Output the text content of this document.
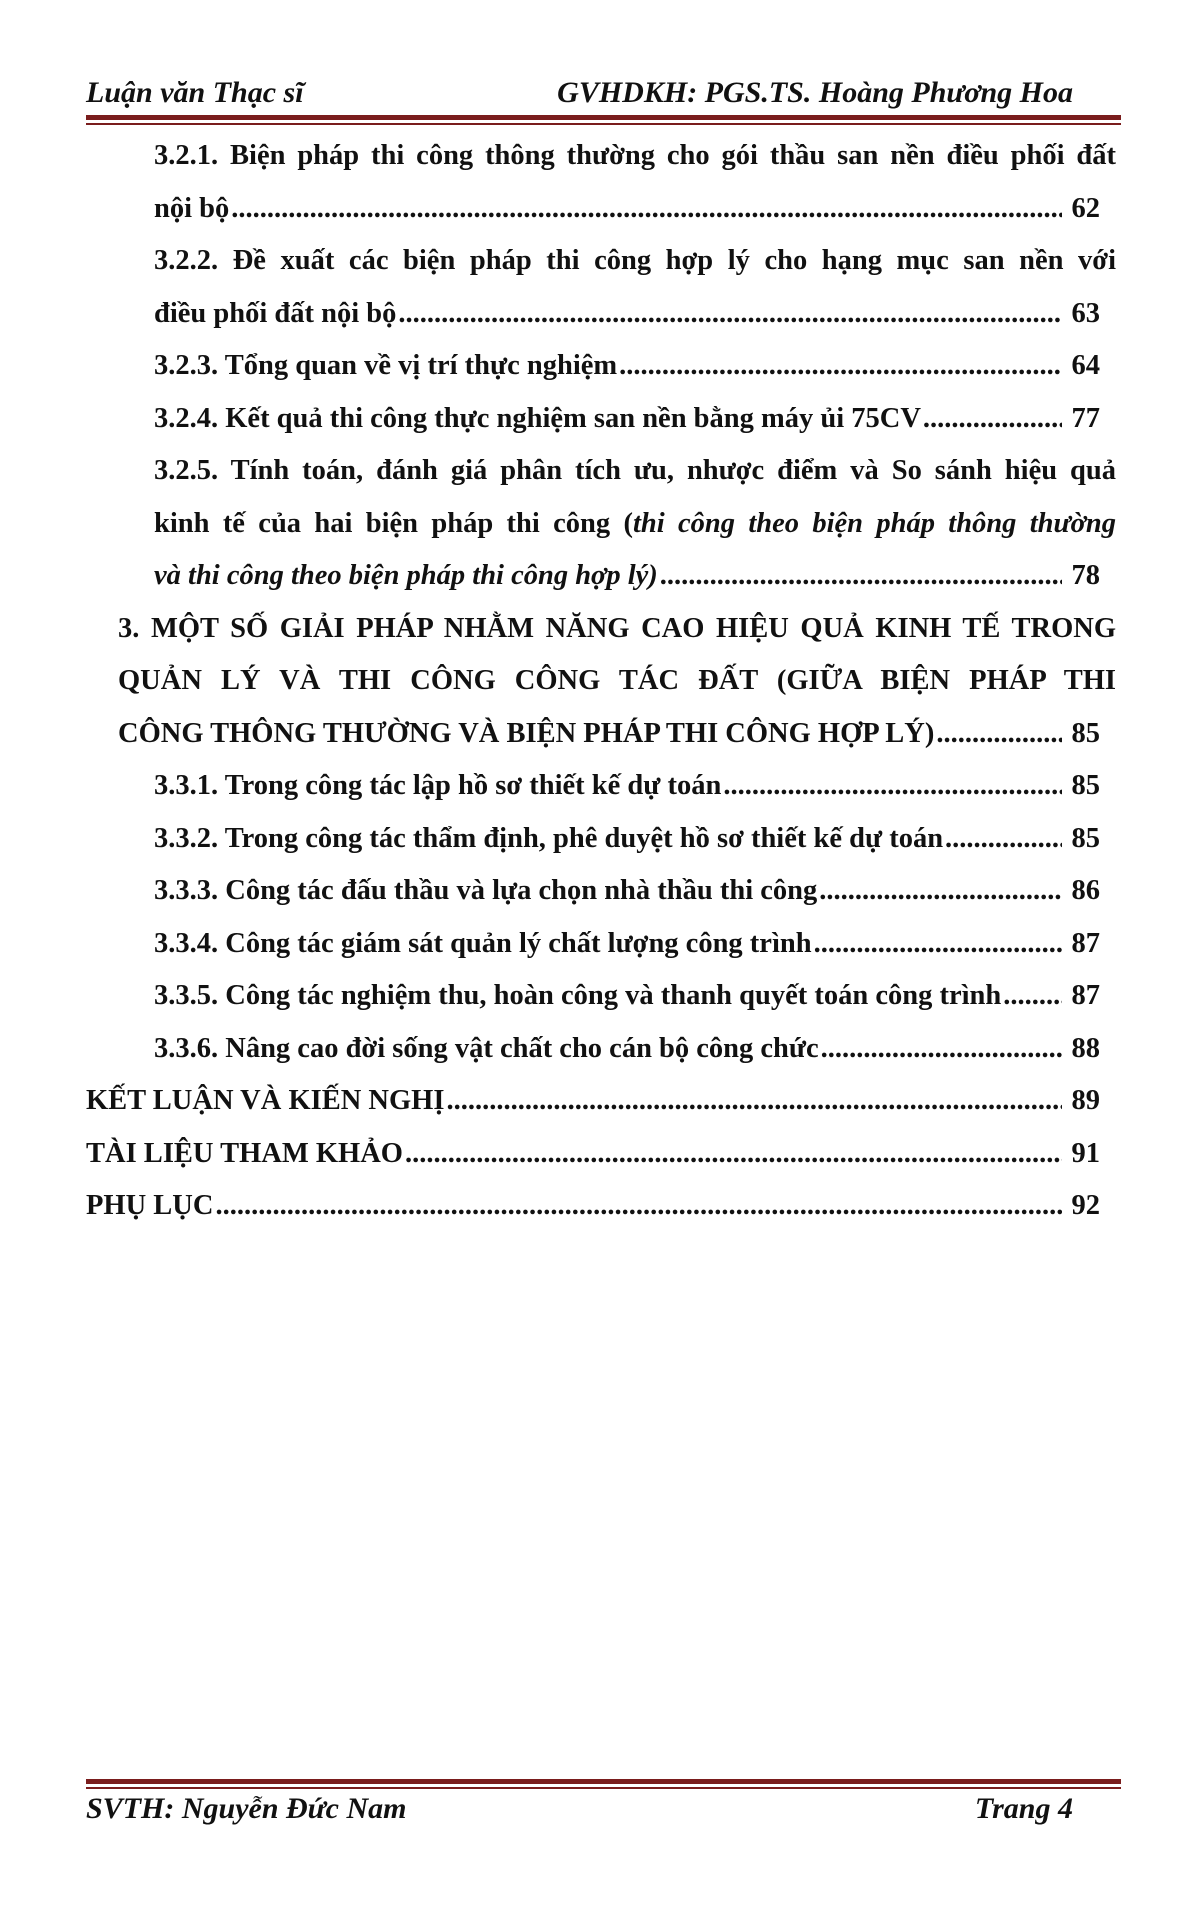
Luận văn Thạc sĩ	GVHDKH: PGS.TS. Hoàng Phương Hoa
3.2.1. Biện pháp thi công thông thường cho gói thầu san nền điều phối đất
nội bộ .....	62
3.2.2. Đề xuất các biện pháp thi công hợp lý cho hạng mục san nền với
điều phối đất nội bộ .....	63
3.2.3. Tổng quan về vị trí thực nghiệm .....	64
3.2.4. Kết quả thi công thực nghiệm san nền bằng máy ủi 75CV .....	77
3.2.5. Tính toán, đánh giá phân tích ưu, nhược điểm và So sánh hiệu quả
kinh tế của hai biện pháp thi công (thi công theo biện pháp thông thường
và thi công theo biện pháp thi công hợp lý) .....	78
3. MỘT SỐ GIẢI PHÁP NHẰM NĂNG CAO HIỆU QUẢ KINH TẾ TRONG
QUẢN LÝ VÀ THI CÔNG CÔNG TÁC ĐẤT (GIỮA BIỆN PHÁP THI
CÔNG THÔNG THƯỜNG VÀ BIỆN PHÁP THI CÔNG HỢP LÝ) .....	85
3.3.1. Trong công tác lập hồ sơ thiết kế dự toán .....	85
3.3.2. Trong công tác thẩm định, phê duyệt hồ sơ thiết kế dự toán .....	85
3.3.3. Công tác đấu thầu và lựa chọn nhà thầu thi công .....	86
3.3.4. Công tác giám sát quản lý chất lượng công trình .....	87
3.3.5. Công tác nghiệm thu, hoàn công và thanh quyết toán công trình ..... 87
3.3.6. Nâng cao đời sống vật chất cho cán bộ công chức .....	88
KẾT LUẬN VÀ KIẾN NGHỊ .....	89
TÀI LIỆU THAM KHẢO .....	91
PHỤ LỤC .....	92
SVTH: Nguyễn Đức Nam	Trang 4
